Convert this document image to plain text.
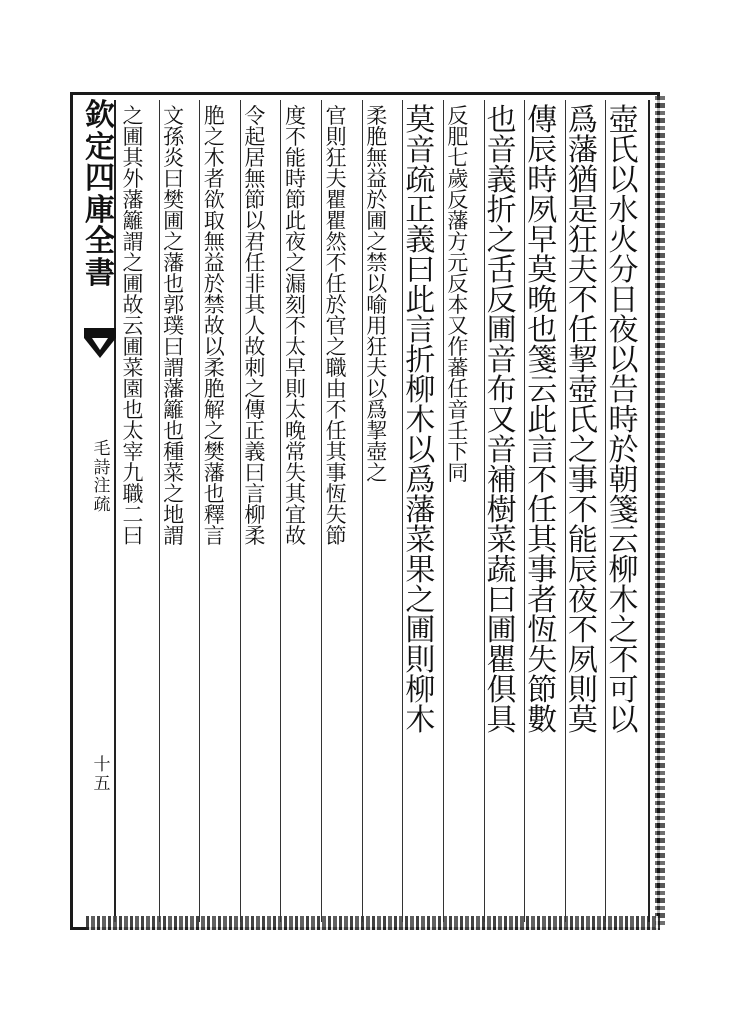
欽
定
四
庫
全
書
毛
詩
注
疏
十
五
壺
氏
以
水
火
分
日
夜
以
告
時
於
朝
箋
云
柳
木
之
不
可
以
爲
藩
猶
是
狂
夫
不
任
挈
壺
氏
之
事
不
能
辰
夜
不
夙
則
莫
傳
辰
時
夙
早
莫
晚
也
箋
云
此
言
不
任
其
事
者
恆
失
節
數
也
音
義
折
之
舌
反
圃
音
布
又
音
補
樹
菜
蔬
曰
圃
瞿
俱
具
反
肥
七
歲
反
藩
方
元
反
本
又
作
蕃
任
音
壬
下
同
莫
音
疏
正
義
曰
此
言
折
柳
木
以
爲
藩
菜
果
之
圃
則
柳
木
柔
脃
無
益
於
圃
之
禁
以
喻
用
狂
夫
以
爲
挈
壺
之
官
則
狂
夫
瞿
瞿
然
不
任
於
官
之
職
由
不
任
其
事
恆
失
節
度
不
能
時
節
此
夜
之
漏
刻
不
太
早
則
太
晚
常
失
其
宜
故
令
起
居
無
節
以
君
任
非
其
人
故
刺
之
傳
正
義
曰
言
柳
柔
脃
之
木
者
欲
取
無
益
於
禁
故
以
柔
脃
解
之
樊
藩
也
釋
言
文
孫
炎
曰
樊
圃
之
藩
也
郭
璞
曰
謂
藩
籬
也
種
菜
之
地
謂
之
圃
其
外
藩
籬
謂
之
圃
故
云
圃
菜
園
也
太
宰
九
職
二
曰
